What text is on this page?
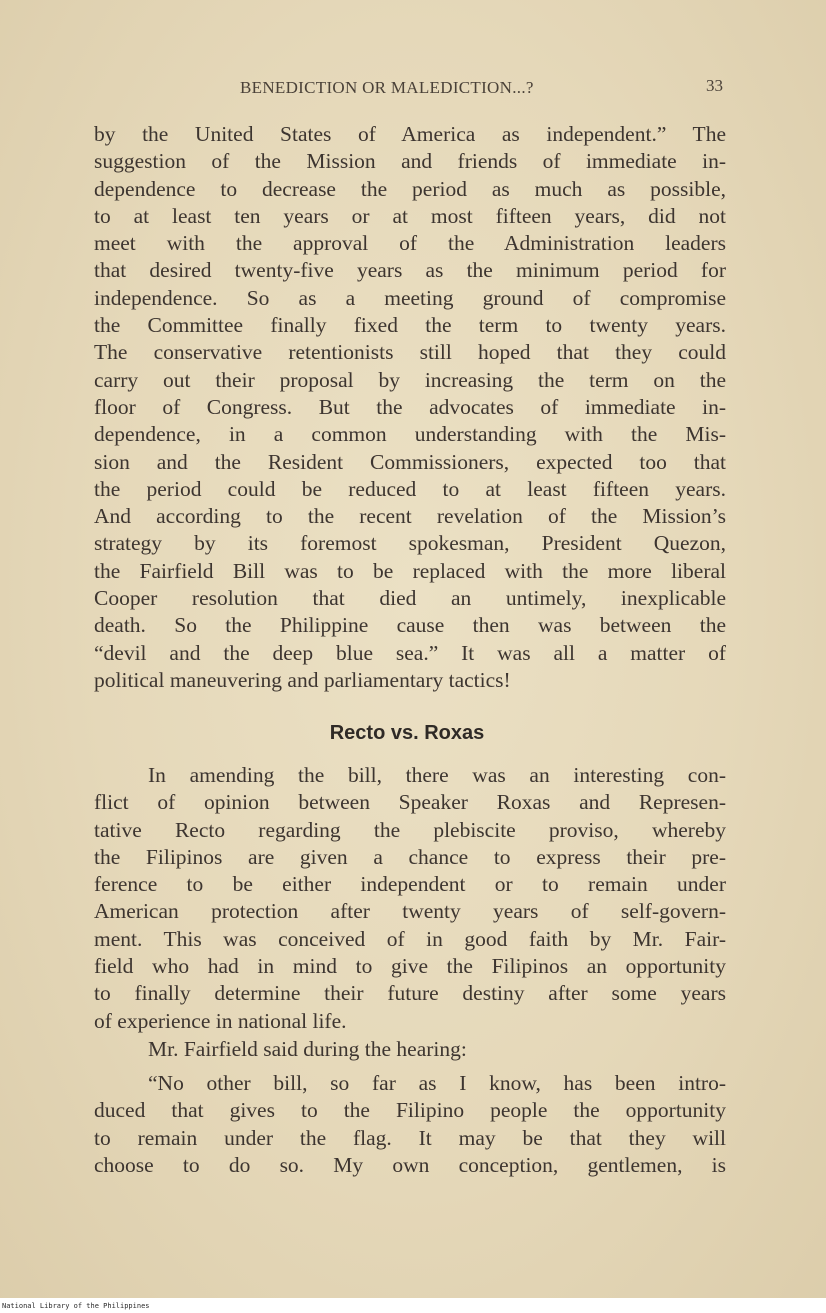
BENEDICTION OR MALEDICTION...?	33
by the United States of America as independent.” The
suggestion of the Mission and friends of immediate in-
dependence to decrease the period as much as possible,
to at least ten years or at most fifteen years, did not
meet with the approval of the Administration leaders
that desired twenty-five years as the minimum period for
independence. So as a meeting ground of compromise
the Committee finally fixed the term to twenty years.
The conservative retentionists still hoped that they could
carry out their proposal by increasing the term on the
floor of Congress. But the advocates of immediate in-
dependence, in a common understanding with the Mis-
sion and the Resident Commissioners, expected too that
the period could be reduced to at least fifteen years.
And according to the recent revelation of the Mission’s
strategy by its foremost spokesman, President Quezon,
the Fairfield Bill was to be replaced with the more liberal
Cooper resolution that died an untimely, inexplicable
death. So the Philippine cause then was between the
“devil and the deep blue sea.” It was all a matter of
political maneuvering and parliamentary tactics!
Recto vs. Roxas
In amending the bill, there was an interesting con-
flict of opinion between Speaker Roxas and Represen-
tative Recto regarding the plebiscite proviso, whereby
the Filipinos are given a chance to express their pre-
ference to be either independent or to remain under
American protection after twenty years of self-govern-
ment. This was conceived of in good faith by Mr. Fair-
field who had in mind to give the Filipinos an opportunity
to finally determine their future destiny after some years
of experience in national life.
Mr. Fairfield said during the hearing:
“No other bill, so far as I know, has been intro-
duced that gives to the Filipino people the opportunity
to remain under the flag. It may be that they will
choose to do so. My own conception, gentlemen, is
National Library of the Philippines
